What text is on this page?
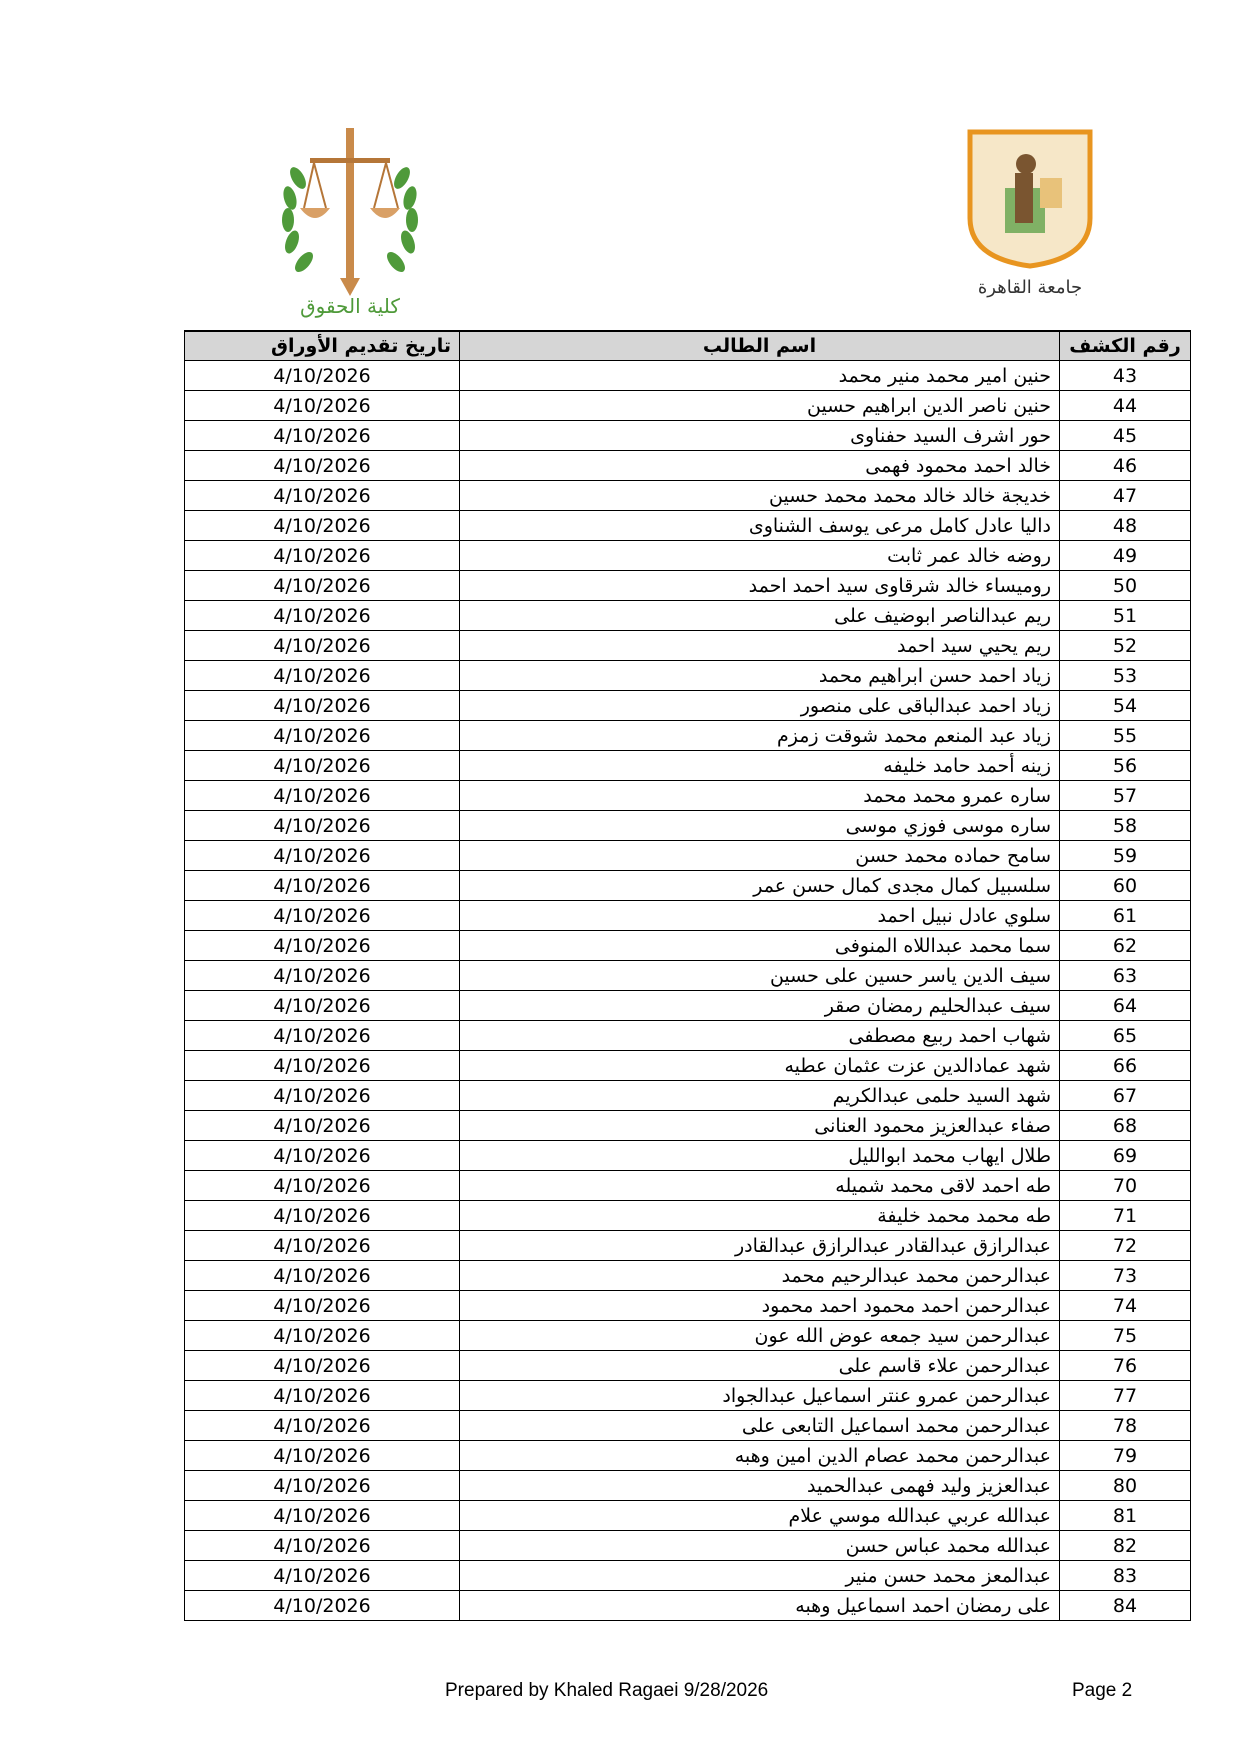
كلية الحقوق
جامعة القاهرة
رقم الكشف	اسم الطالب	تاريخ تقديم الأوراق
43	حنين امير محمد منير محمد	4/10/2026
44	حنين ناصر الدين ابراهيم حسين	4/10/2026
45	حور اشرف السيد حفناوى	4/10/2026
46	خالد احمد محمود فهمى	4/10/2026
47	خديجة خالد خالد محمد محمد حسين	4/10/2026
48	داليا عادل كامل مرعى يوسف الشناوى	4/10/2026
49	روضه خالد عمر ثابت	4/10/2026
50	روميساء خالد شرقاوى سيد احمد احمد	4/10/2026
51	ريم عبدالناصر ابوضيف على	4/10/2026
52	ريم يحيي سيد احمد	4/10/2026
53	زياد احمد حسن ابراهيم محمد	4/10/2026
54	زياد احمد عبدالباقى على منصور	4/10/2026
55	زياد عبد المنعم محمد شوقت زمزم	4/10/2026
56	زينه أحمد حامد خليفه	4/10/2026
57	ساره عمرو محمد محمد	4/10/2026
58	ساره موسى فوزي موسى	4/10/2026
59	سامح حماده محمد حسن	4/10/2026
60	سلسبيل كمال مجدى كمال حسن عمر	4/10/2026
61	سلوي عادل نبيل احمد	4/10/2026
62	سما محمد عبداللاه المنوفى	4/10/2026
63	سيف الدين ياسر حسين على حسين	4/10/2026
64	سيف عبدالحليم رمضان صقر	4/10/2026
65	شهاب احمد ربيع مصطفى	4/10/2026
66	شهد عمادالدين عزت عثمان عطيه	4/10/2026
67	شهد السيد حلمى عبدالكريم	4/10/2026
68	صفاء عبدالعزيز محمود العنانى	4/10/2026
69	طلال ايهاب محمد ابوالليل	4/10/2026
70	طه احمد لاقى محمد شميله	4/10/2026
71	طه محمد محمد خليفة	4/10/2026
72	عبدالرازق عبدالقادر عبدالرازق عبدالقادر	4/10/2026
73	عبدالرحمن محمد عبدالرحيم محمد	4/10/2026
74	عبدالرحمن احمد محمود احمد محمود	4/10/2026
75	عبدالرحمن سيد جمعه عوض الله عون	4/10/2026
76	عبدالرحمن علاء قاسم على	4/10/2026
77	عبدالرحمن عمرو عنتر اسماعيل عبدالجواد	4/10/2026
78	عبدالرحمن محمد اسماعيل التابعى على	4/10/2026
79	عبدالرحمن محمد عصام الدين امين وهبه	4/10/2026
80	عبدالعزيز وليد فهمى عبدالحميد	4/10/2026
81	عبدالله عربي عبدالله موسي علام	4/10/2026
82	عبدالله محمد عباس حسن	4/10/2026
83	عبدالمعز محمد حسن منير	4/10/2026
84	على رمضان احمد اسماعيل وهبه	4/10/2026
Prepared by Khaled Ragaei 9/28/2026	Page 2
